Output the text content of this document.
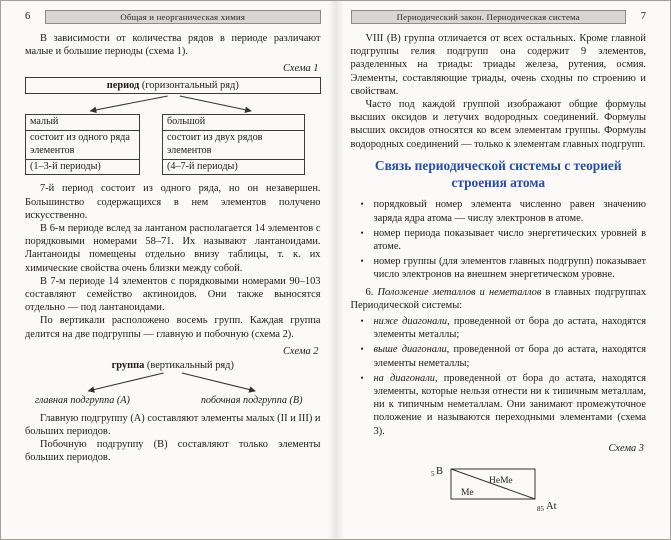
6	Общая и неорганическая химия

В зависимости от количества рядов в периоде различают малые и большие периоды (схема 1).

Схема 1
период (горизонтальный ряд)
малый
состоит из одного ряда элементов
(1–3-й периоды)
большой
состоит из двух рядов элементов
(4–7-й периоды)

7-й период состоит из одного ряда, но он незавершен. Большинство содержащихся в нем элементов получено искусственно.

В 6-м периоде вслед за лантаном располагается 14 элементов с порядковыми номерами 58–71. Их называют лантаноидами. Лантаноиды помещены отдельно внизу таблицы, т. к. их химические свойства очень близки между собой.

В 7-м периоде 14 элементов с порядковыми номерами 90–103 составляют семейство актиноидов. Они также выносятся отдельно — под лантаноидами.

По вертикали расположено восемь групп. Каждая группа делится на две подгруппы — главную и побочную (схема 2).

Схема 2
группа (вертикальный ряд)
главная подгруппа (А)	побочная подгруппа (В)

Главную подгруппу (А) составляют элементы малых (II и III) и больших периодов.

Побочную подгруппу (В) составляют только элементы больших периодов.

Периодический закон. Периодическая система	7

VIII (В) группа отличается от всех остальных. Кроме главной подгруппы гелия подгрупп она содержит 9 элементов, разделенных на триады: триады железа, рутения, осмия. Элементы, составляющие триады, очень сходны по строению и свойствам.

Часто под каждой группой изображают общие формулы высших оксидов и летучих водородных соединений. Формулы высших оксидов относятся ко всем элементам группы. Формулы водородных соединений — только к элементам главных подгрупп.

Связь периодической системы с теорией строения атома
• порядковый номер элемента численно равен значению заряда ядра атома — числу электронов в атоме.
• номер периода показывает число энергетических уровней в атоме.
• номер группы (для элементов главных подгрупп) показывает число электронов на внешнем энергетическом уровне.

6. Положение металлов и неметаллов в главных подгруппах Периодической системы:

• ниже диагонали, проведенной от бора до астата, находятся элементы металлы;
• выше диагонали, проведенной от бора до астата, находятся элементы неметаллы;
• на диагонали, проведенной от бора до астата, находятся элементы, которые нельзя отнести ни к типичным металлам, ни к типичным неметаллам. Они занимают промежуточное положение и называются переходными элементами (схема 3).
Схема 3
5 B
НеМе
Ме
85 At
